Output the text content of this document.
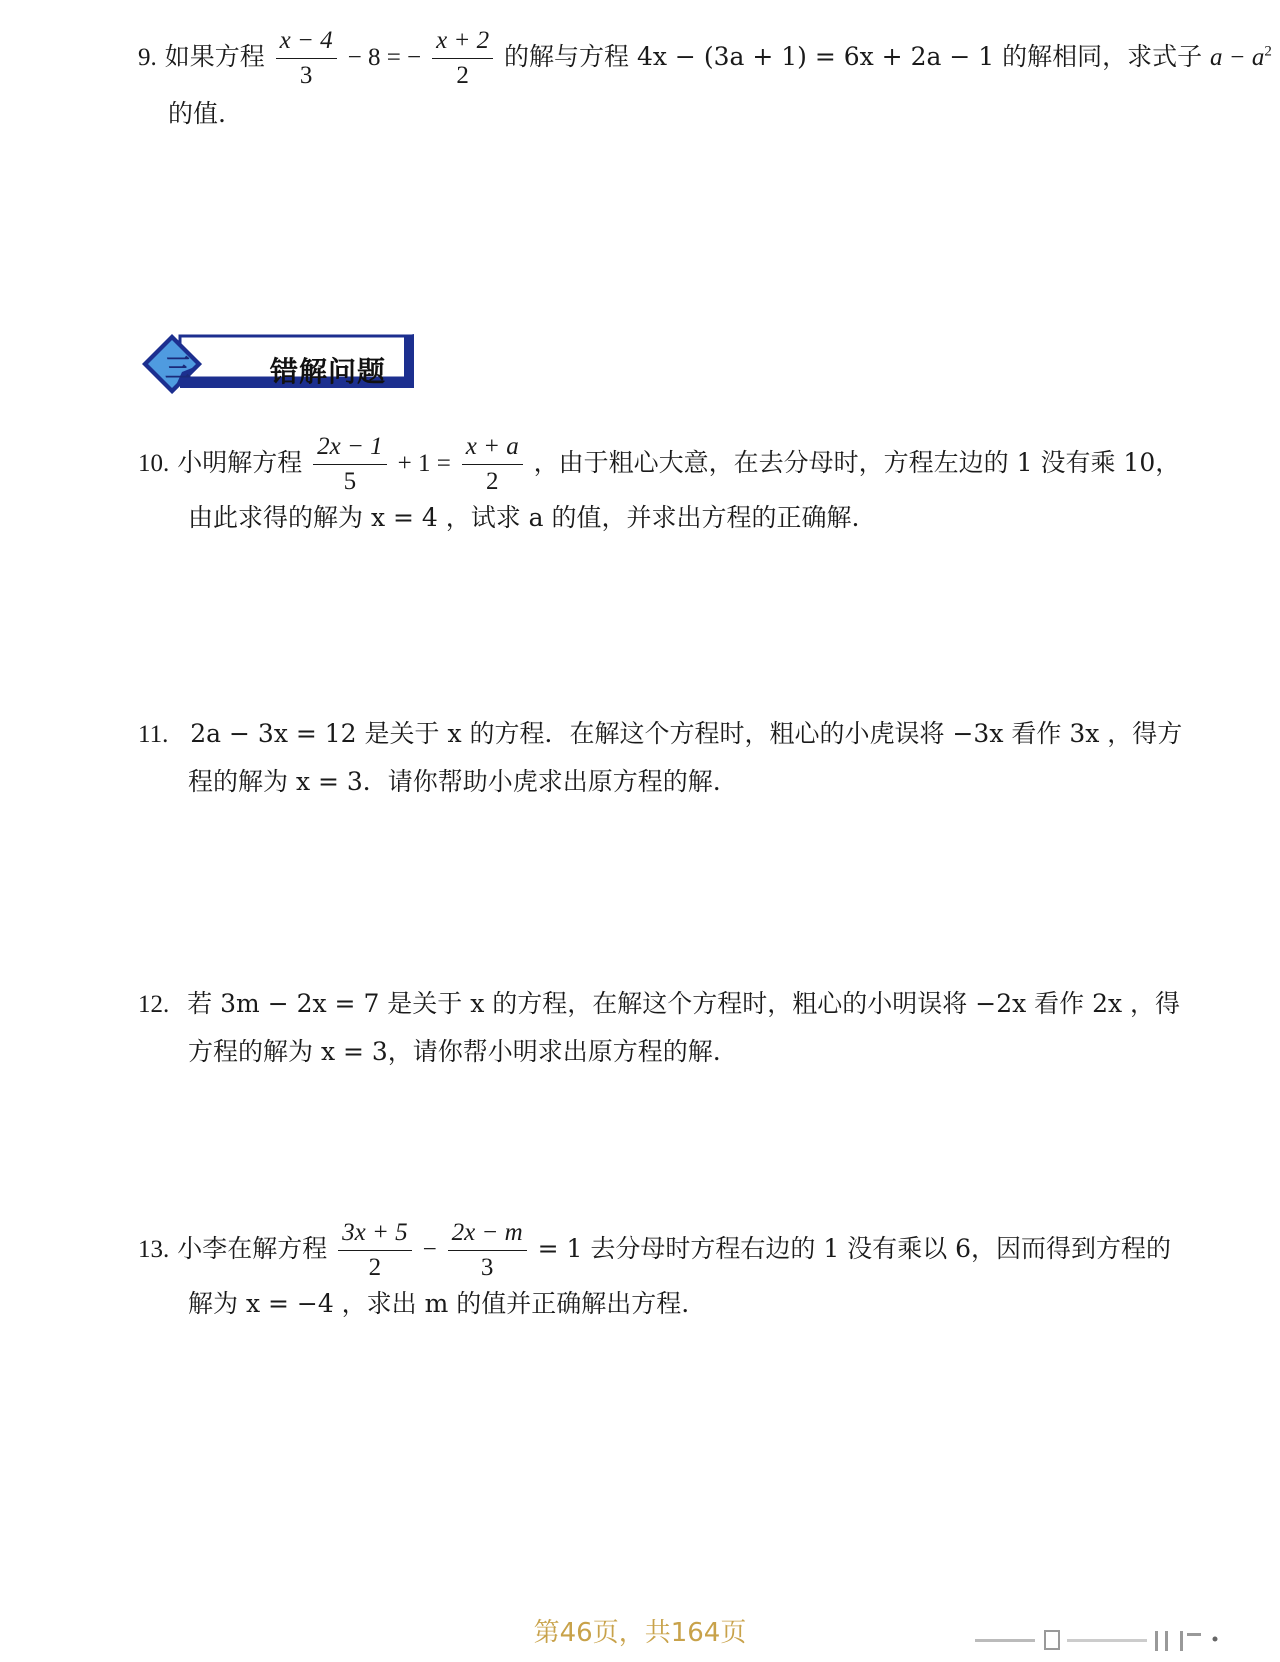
9. 如果方程 $\frac{x - 4}{3} - 8$ = − $\frac{x + 2}{2}$ 的解与方程 4x − (3a + 1) = 6x + 2a − 1 的解相同，求式子 $a - a^2$
的值.
三	错解问题
10. 小明解方程 $\frac{2x - 1}{5} + 1 = \frac{x + a}{2}$ ，由于粗心大意，在去分母时，方程左边的 1 没有乘 10，
由此求得的解为 x = 4 ，试求 a 的值，并求出方程的正确解.
11. 2a − 3x = 12 是关于 x 的方程．在解这个方程时，粗心的小虎误将 −3x 看作 3x ，得方
程的解为 x = 3．请你帮助小虎求出原方程的解.
12. 若 3m − 2x = 7 是关于 x 的方程，在解这个方程时，粗心的小明误将 −2x 看作 2x ，得
方程的解为 x = 3，请你帮小明求出原方程的解.
13. 小李在解方程 $\frac{3x + 5}{2} - \frac{2x - m}{3} = 1$ 去分母时方程右边的 1 没有乘以 6，因而得到方程的
解为 x = −4 ，求出 m 的值并正确解出方程.
第46页，共164页
